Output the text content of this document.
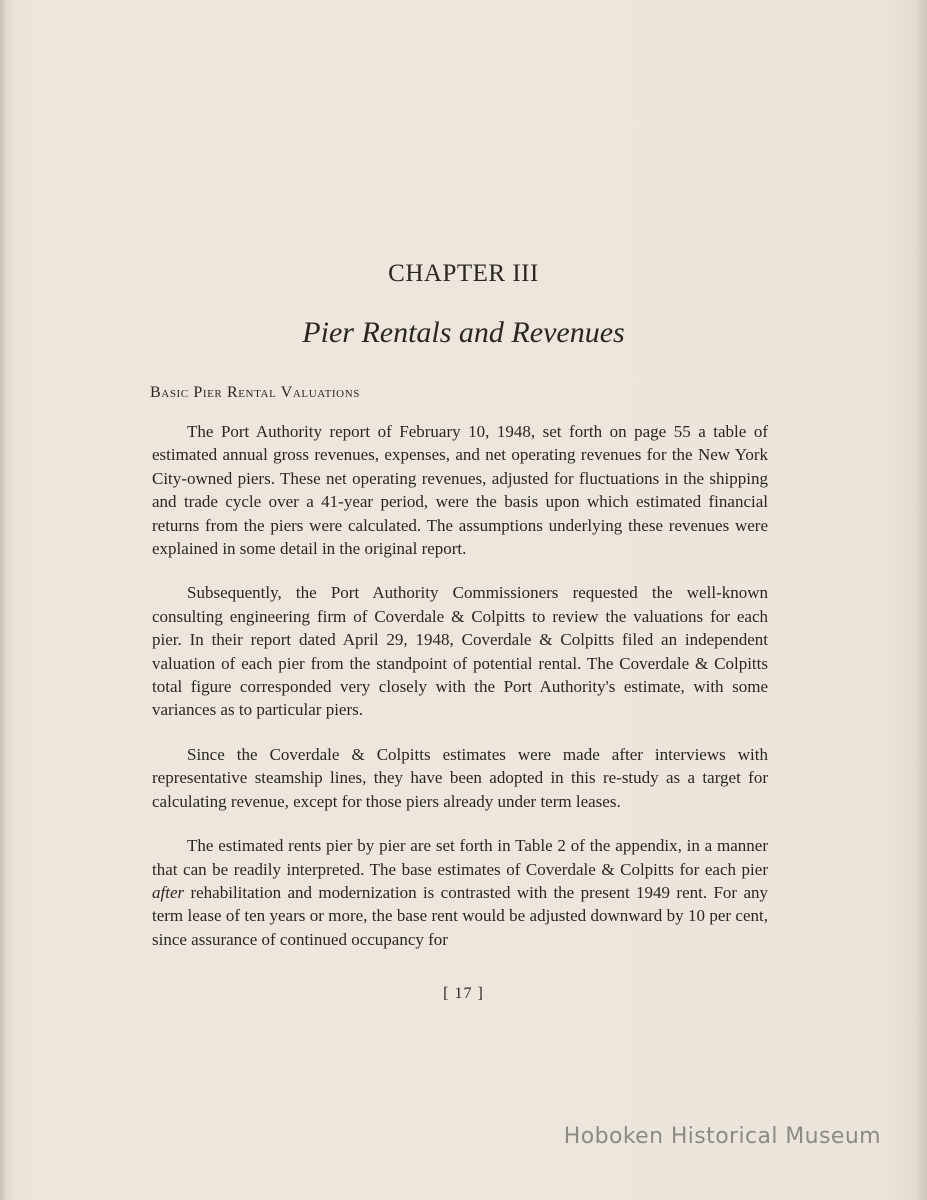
CHAPTER III
Pier Rentals and Revenues
Basic Pier Rental Valuations

The Port Authority report of February 10, 1948, set forth on page 55 a table of estimated annual gross revenues, expenses, and net operating revenues for the New York City-owned piers. These net operating revenues, adjusted for fluctuations in the shipping and trade cycle over a 41-year period, were the basis upon which estimated financial returns from the piers were calculated. The assumptions underlying these revenues were explained in some detail in the original report.

Subsequently, the Port Authority Commissioners requested the well-known consulting engineering firm of Coverdale & Colpitts to review the valuations for each pier. In their report dated April 29, 1948, Coverdale & Colpitts filed an independent valuation of each pier from the standpoint of potential rental. The Coverdale & Colpitts total figure corresponded very closely with the Port Authority's estimate, with some variances as to particular piers.

Since the Coverdale & Colpitts estimates were made after interviews with representative steamship lines, they have been adopted in this re-study as a target for calculating revenue, except for those piers already under term leases.

The estimated rents pier by pier are set forth in Table 2 of the appendix, in a manner that can be readily interpreted. The base estimates of Coverdale & Colpitts for each pier after rehabilitation and modernization is contrasted with the present 1949 rent. For any term lease of ten years or more, the base rent would be adjusted downward by 10 per cent, since assurance of continued occupancy for

[ 17 ]
Hoboken Historical Museum
